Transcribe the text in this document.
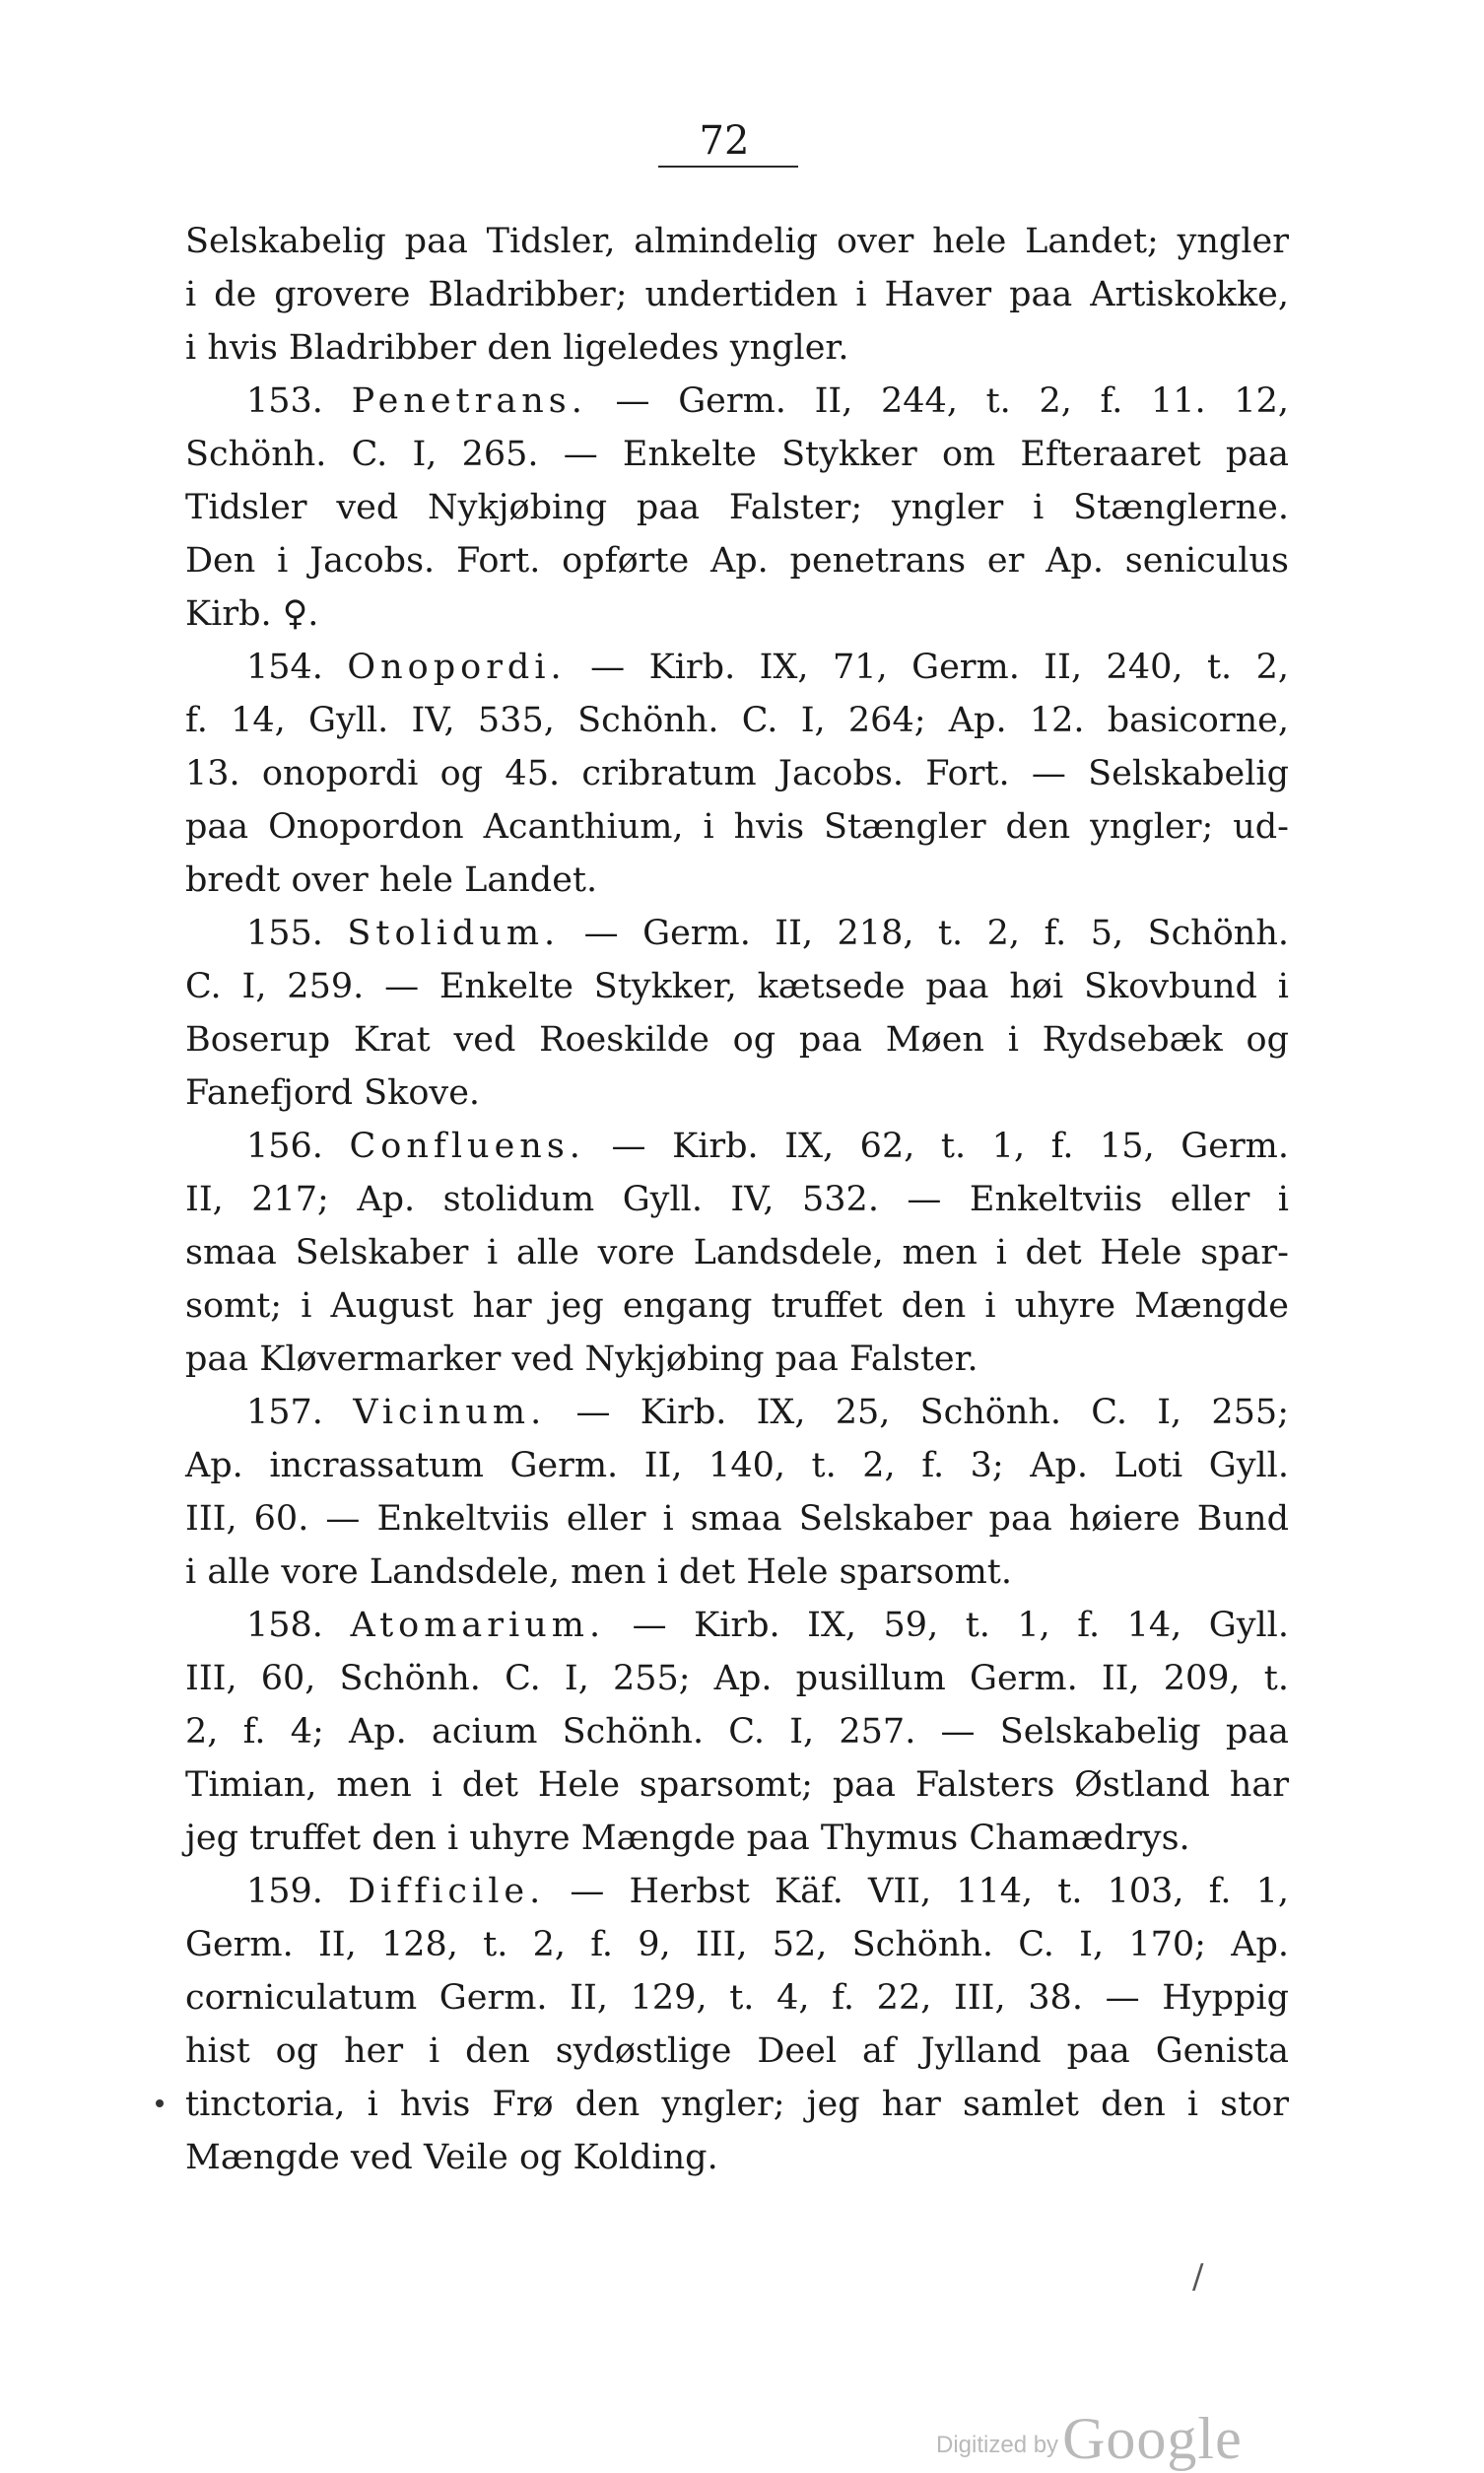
72
Selskabelig paa Tidsler, almindelig over hele Landet; yngler
i de grovere Bladribber; undertiden i Haver paa Artiskokke,
i hvis Bladribber den ligeledes yngler.
153. Penetrans. — Germ. II, 244, t. 2, f. 11. 12,
Schönh. C. I, 265. — Enkelte Stykker om Efteraaret paa
Tidsler ved Nykjøbing paa Falster; yngler i Stænglerne.
Den i Jacobs. Fort. opførte Ap. penetrans er Ap. seniculus
Kirb. ♀.
154. Onopordi. — Kirb. IX, 71, Germ. II, 240, t. 2,
f. 14, Gyll. IV, 535, Schönh. C. I, 264; Ap. 12. basicorne,
13. onopordi og 45. cribratum Jacobs. Fort. — Selskabelig
paa Onopordon Acanthium, i hvis Stængler den yngler; ud-
bredt over hele Landet.
155. Stolidum. — Germ. II, 218, t. 2, f. 5, Schönh.
C. I, 259. — Enkelte Stykker, kætsede paa høi Skovbund i
Boserup Krat ved Roeskilde og paa Møen i Rydsebæk og
Fanefjord Skove.
156. Confluens. — Kirb. IX, 62, t. 1, f. 15, Germ.
II, 217; Ap. stolidum Gyll. IV, 532. — Enkeltviis eller i
smaa Selskaber i alle vore Landsdele, men i det Hele spar-
somt; i August har jeg engang truffet den i uhyre Mængde
paa Kløvermarker ved Nykjøbing paa Falster.
157. Vicinum. — Kirb. IX, 25, Schönh. C. I, 255;
Ap. incrassatum Germ. II, 140, t. 2, f. 3; Ap. Loti Gyll.
III, 60. — Enkeltviis eller i smaa Selskaber paa høiere Bund
i alle vore Landsdele, men i det Hele sparsomt.
158. Atomarium. — Kirb. IX, 59, t. 1, f. 14, Gyll.
III, 60, Schönh. C. I, 255; Ap. pusillum Germ. II, 209, t.
2, f. 4; Ap. acium Schönh. C. I, 257. — Selskabelig paa
Timian, men i det Hele sparsomt; paa Falsters Østland har
jeg truffet den i uhyre Mængde paa Thymus Chamædrys.
159. Difficile. — Herbst Käf. VII, 114, t. 103, f. 1,
Germ. II, 128, t. 2, f. 9, III, 52, Schönh. C. I, 170; Ap.
corniculatum Germ. II, 129, t. 4, f. 22, III, 38. — Hyppig
hist og her i den sydøstlige Deel af Jylland paa Genista
tinctoria, i hvis Frø den yngler; jeg har samlet den i stor
Mængde ved Veile og Kolding.
/
Digitized by Google
